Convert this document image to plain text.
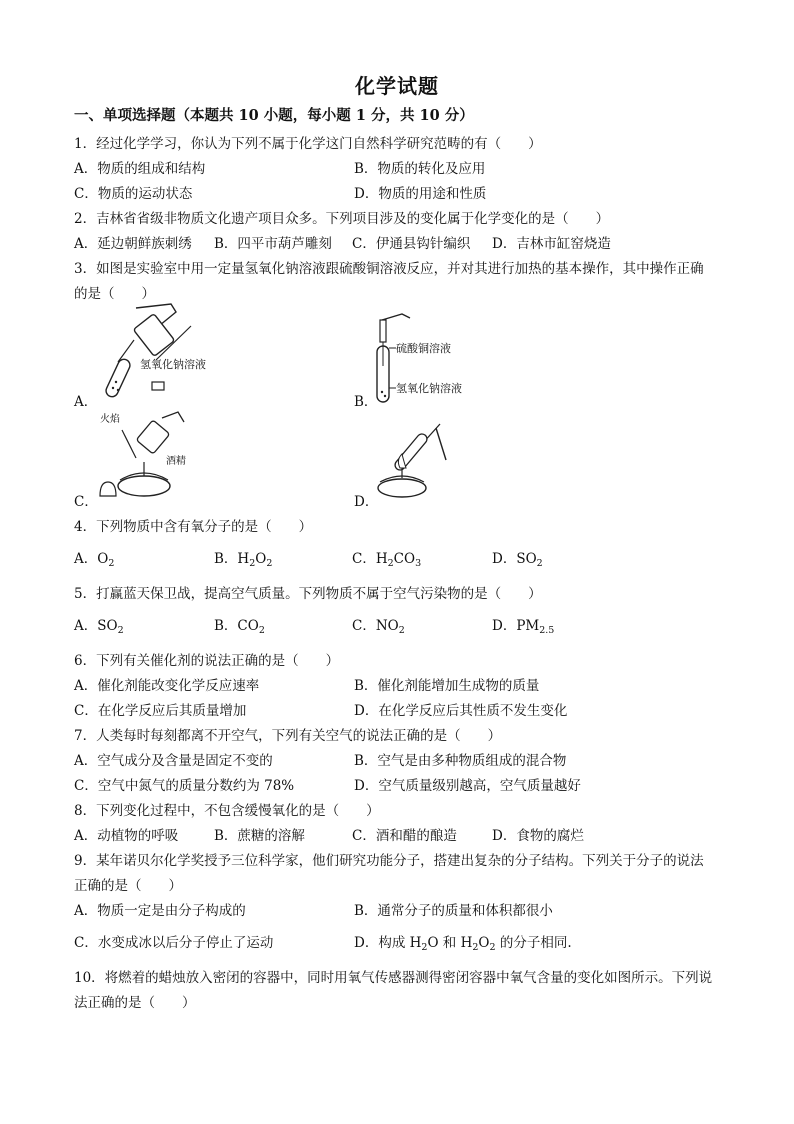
化学试题
一、单项选择题（本题共 10 小题，每小题 1 分，共 10 分）
1．经过化学学习，你认为下列不属于化学这门自然科学研究范畴的有（　　）
A．物质的组成和结构	B．物质的转化及应用
C．物质的运动状态	D．物质的用途和性质
2．吉林省省级非物质文化遗产项目众多。下列项目涉及的变化属于化学变化的是（　　）
A．延边朝鲜族刺绣 B．四平市葫芦雕刻 C．伊通县钩针编织 D．吉林市缸窑烧造
3．如图是实验室中用一定量氢氧化钠溶液跟硫酸铜溶液反应，并对其进行加热的基本操作，其中操作正确
的是（　　）
氢氧化钠溶液
A．
硫酸铜溶液
氢氧化钠溶液
B．
火焰
酒精
C．	D．
4．下列物质中含有氧分子的是（　　）
A．$O_2$	B．$H_2O_2$	C．$H_2CO_3$	D．$SO_2$
5．打赢蓝天保卫战，提高空气质量。下列物质不属于空气污染物的是（　　）
A．$SO_2$	B．$CO_2$	C．$NO_2$	D．$PM_{2.5}$
6．下列有关催化剂的说法正确的是（　　）
A．催化剂能改变化学反应速率	B．催化剂能增加生成物的质量
C．在化学反应后其质量增加	D．在化学反应后其性质不发生变化
7．人类每时每刻都离不开空气，下列有关空气的说法正确的是（　　）
A．空气成分及含量是固定不变的	B．空气是由多种物质组成的混合物
C．空气中氮气的质量分数约为 78%	D．空气质量级别越高，空气质量越好
8．下列变化过程中，不包含缓慢氧化的是（　　）
A．动植物的呼吸	B．蔗糖的溶解	C．酒和醋的酿造	D．食物的腐烂
9．某年诺贝尔化学奖授予三位科学家，他们研究功能分子，搭建出复杂的分子结构。下列关于分子的说法
正确的是（　　）
A．物质一定是由分子构成的	B．通常分子的质量和体积都很小
C．水变成冰以后分子停止了运动	D．构成 $H_2O$ 和 $H_2O_2$ 的分子相同.
10．将燃着的蜡烛放入密闭的容器中，同时用氧气传感器测得密闭容器中氧气含量的变化如图所示。下列说
法正确的是（　　）
